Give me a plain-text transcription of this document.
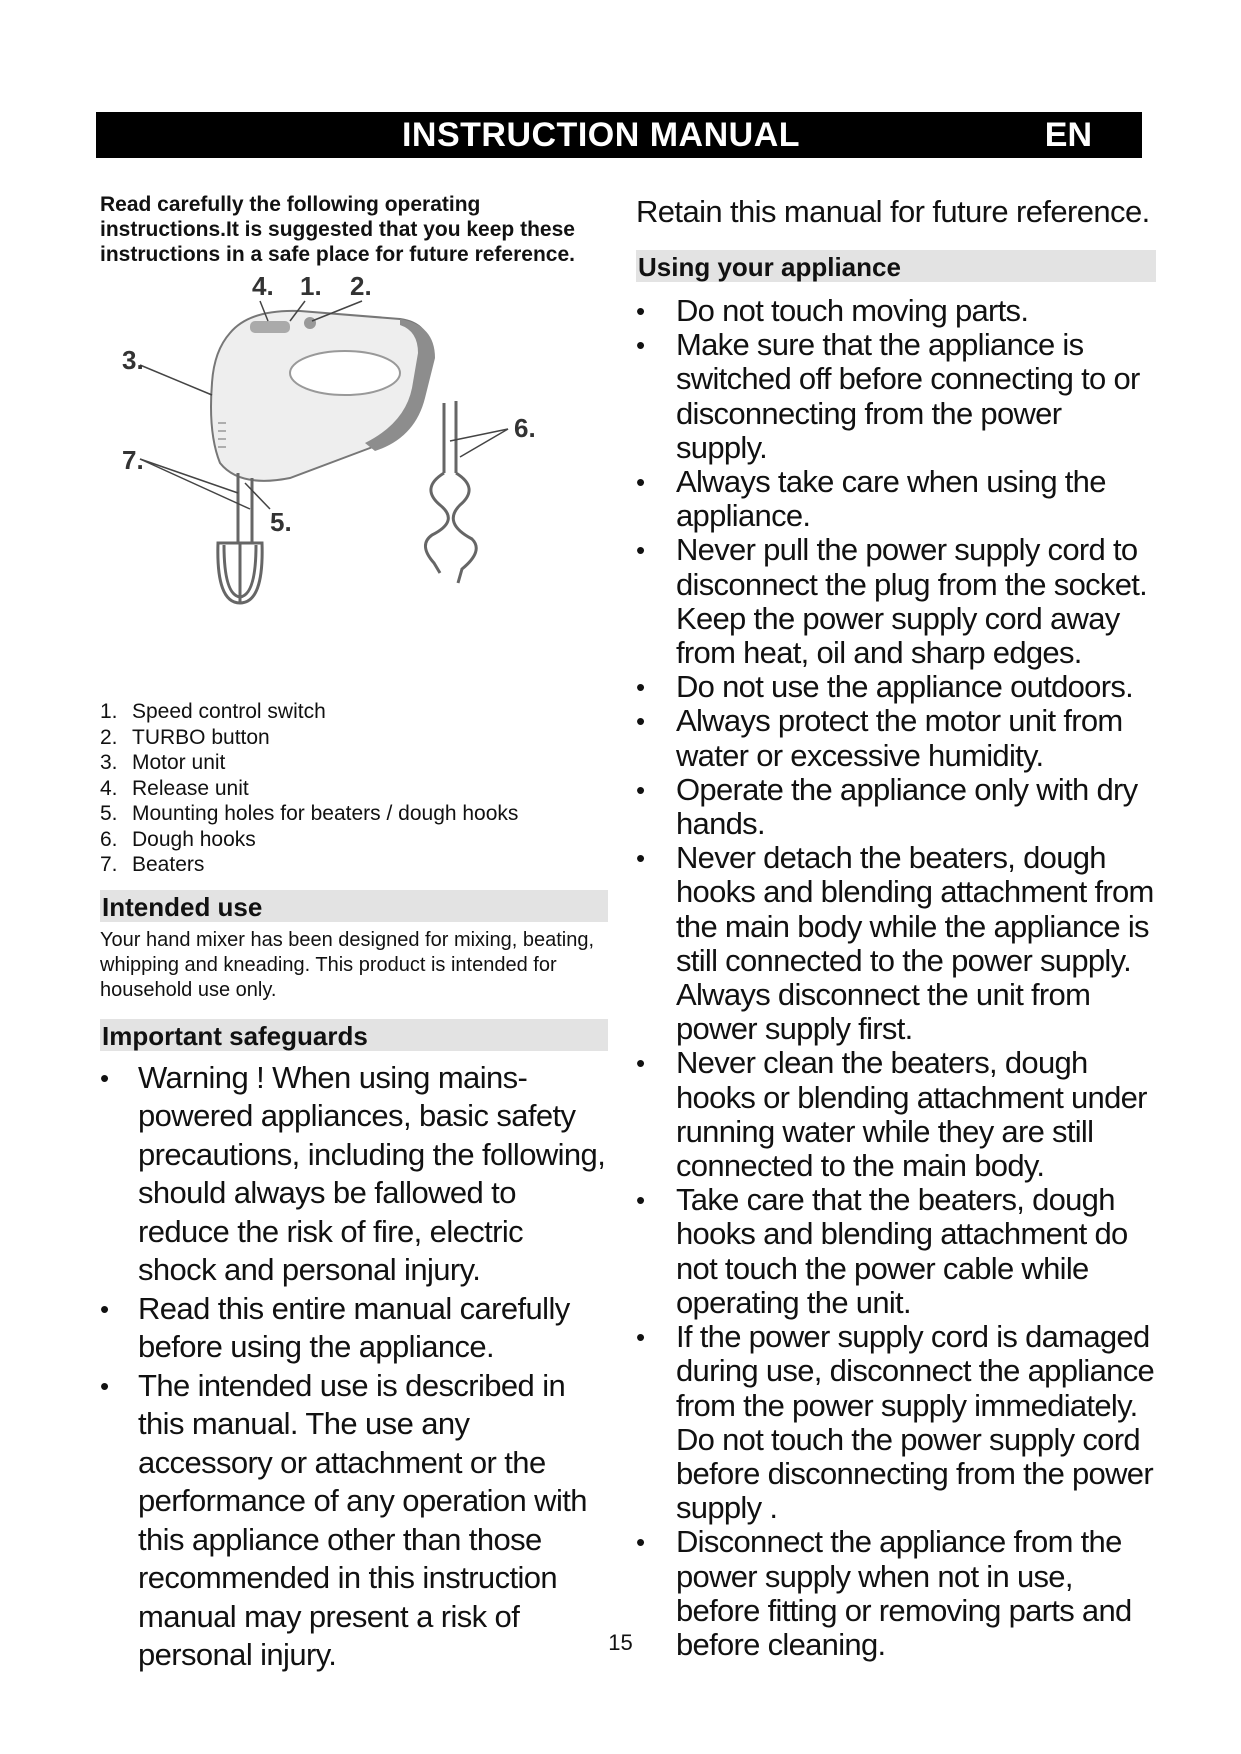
INSTRUCTION MANUAL	EN

Read carefully the following operating instructions.It is suggested that you keep these instructions in a safe place for future reference.

4. 1. 2.
3.
6.
7.
5.
1. Speed control switch
2. TURBO button
3. Motor unit
4. Release unit
5. Mounting holes for beaters / dough hooks
6. Dough hooks
7. Beaters
Intended use

Your hand mixer has been designed for mixing, beating, whipping and kneading. This product is intended for household use only.

Important safeguards
• Warning ! When using mains-powered appliances, basic safety precautions, including the following, should always be fallowed to reduce the risk of fire, electric shock and personal injury.
• Read this entire manual carefully before using the appliance.
• The intended use is described in this manual. The use any accessory or attachment or the performance of any operation with this appliance other than those recommended in this instruction manual may present a risk of personal injury.

Retain this manual for future reference.

Using your appliance
• Do not touch moving parts.
• Make sure that the appliance is switched off before connecting to or disconnecting from the power supply.
• Always take care when using the appliance.
• Never pull the power supply cord to disconnect the plug from the socket. Keep the power supply cord away from heat, oil and sharp edges.
• Do not use the appliance outdoors.
• Always protect the motor unit from water or excessive humidity.
• Operate the appliance only with dry hands.
• Never detach the beaters, dough hooks and blending attachment from the main body while the appliance is still connected to the power supply. Always disconnect the unit from power supply first.
• Never clean the beaters, dough hooks or blending attachment under running water while they are still connected to the main body.
• Take care that the beaters, dough hooks and blending attachment do not touch the power cable while operating the unit.
• If the power supply cord is damaged during use, disconnect the appliance from the power supply immediately. Do not touch the power supply cord before disconnecting from the power supply .
• Disconnect the appliance from the power supply when not in use, before fitting or removing parts and before cleaning.
15
